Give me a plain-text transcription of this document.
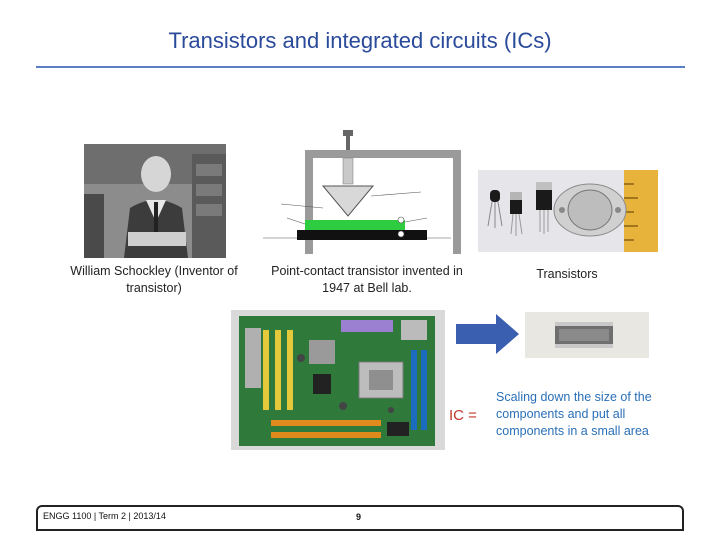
Transistors and integrated circuits (ICs)
William Schockley (Inventor of transistor)
Point-contact transistor invented in 1947 at Bell lab.
Transistors
IC =
Scaling down the size of the components and put all components in a small area
ENGG 1100 | Term 2 | 2013/14	9
